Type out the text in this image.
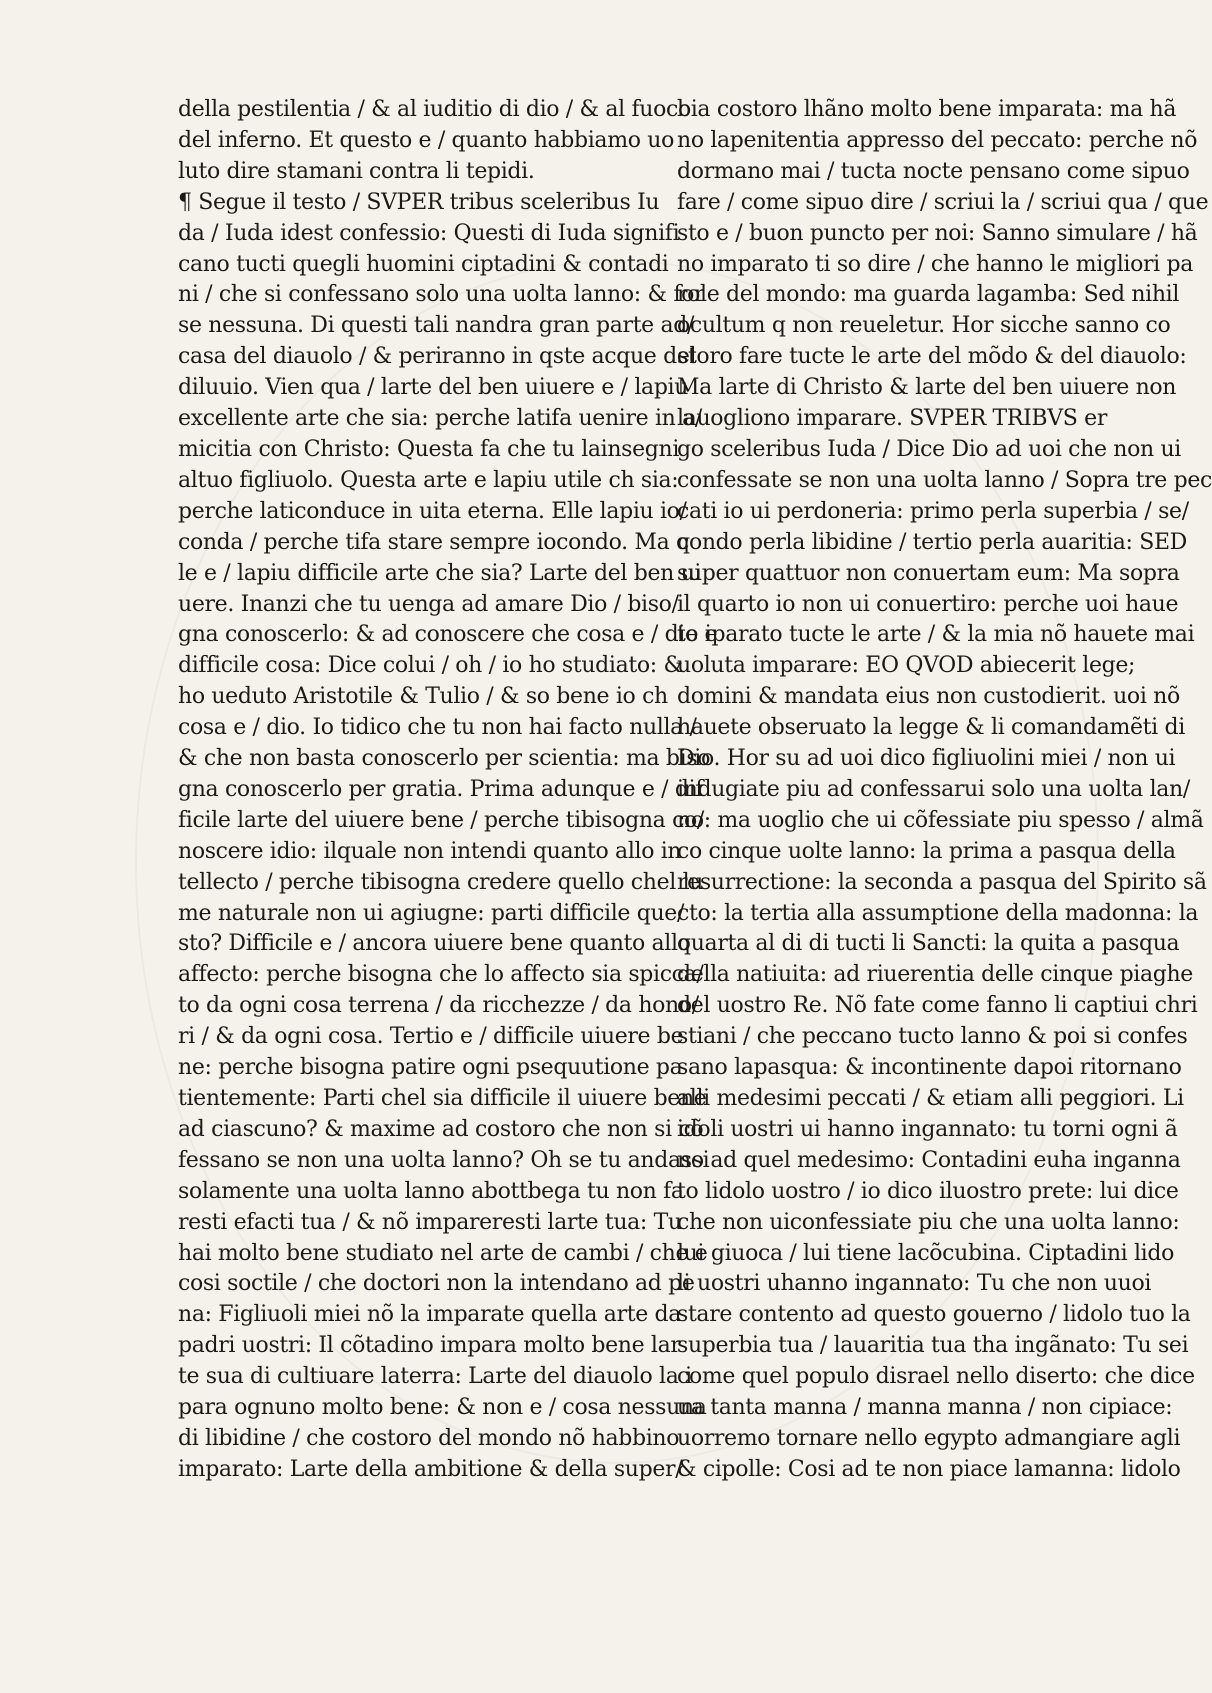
della pestilentia / & al iuditio di dio / & al fuoco
del inferno. Et questo e / quanto habbiamo uo
luto dire stamani contra li tepidi.
¶ Segue il testo / SVPER tribus sceleribus Iu
da / Iuda idest confessio: Questi di Iuda signifi
cano tucti quegli huomini ciptadini & contadi
ni / che si confessano solo una uolta lanno: & for
se nessuna. Di questi tali nandra gran parte ad/
casa del diauolo / & periranno in qste acque del
diluuio. Vien qua / larte del ben uiuere e / lapiu
excellente arte che sia: perche latifa uenire in a/
micitia con Christo: Questa fa che tu lainsegni
altuo figliuolo. Questa arte e lapiu utile ch sia:
perche laticonduce in uita eterna. Elle lapiu io/
conda / perche tifa stare sempre iocondo. Ma q
le e / lapiu difficile arte che sia? Larte del ben ui
uere. Inanzi che tu uenga ad amare Dio / biso/
gna conoscerlo: & ad conoscere che cosa e / dio e
difficile cosa: Dice colui / oh / io ho studiato: &
ho ueduto Aristotile & Tulio / & so bene io ch
cosa e / dio. Io tidico che tu non hai facto nulla /
& che non basta conoscerlo per scientia: ma biso
gna conoscerlo per gratia. Prima adunque e / dif
ficile larte del uiuere bene / perche tibisogna co/
noscere idio: ilquale non intendi quanto allo in
tellecto / perche tibisogna credere quello chel lu
me naturale non ui agiugne: parti difficile que/
sto? Difficile e / ancora uiuere bene quanto allo
affecto: perche bisogna che lo affecto sia spicca/
to da ogni cosa terrena / da ricchezze / da hono/
ri / & da ogni cosa. Tertio e / difficile uiuere be
ne: perche bisogna patire ogni psequutione pa
tientemente: Parti chel sia difficile il uiuere bene
ad ciascuno? & maxime ad costoro che non si cõ
fessano se non una uolta lanno? Oh se tu andassi
solamente una uolta lanno abottbega tu non fa
resti efacti tua / & nõ impareresti larte tua: Tu
hai molto bene studiato nel arte de cambi / che e
cosi soctile / che doctori non la intendano ad pe
na: Figliuoli miei nõ la imparate quella arte da
padri uostri: Il cõtadino impara molto bene lar
te sua di cultiuare laterra: Larte del diauolo la i
para ognuno molto bene: & non e / cosa nessuna
di libidine / che costoro del mondo nõ habbino
imparato: Larte della ambitione & della super/
bia costoro lhãno molto bene imparata: ma hã
no lapenitentia appresso del peccato: perche nõ
dormano mai / tucta nocte pensano come sipuo
fare / come sipuo dire / scriui la / scriui qua / que
sto e / buon puncto per noi: Sanno simulare / hã
no imparato ti so dire / che hanno le migliori pa
role del mondo: ma guarda lagamba: Sed nihil
ocultum q non reueletur. Hor sicche sanno co
storo fare tucte le arte del mõdo & del diauolo:
Ma larte di Christo & larte del ben uiuere non
lauogliono imparare. SVPER TRIBVS er
go sceleribus Iuda / Dice Dio ad uoi che non ui
confessate se non una uolta lanno / Sopra tre pec
cati io ui perdoneria: primo perla superbia / se/
condo perla libidine / tertio perla auaritia: SED
super quattuor non conuertam eum: Ma sopra
il quarto io non ui conuertiro: perche uoi haue
te iparato tucte le arte / & la mia nõ hauete mai
uoluta imparare: EO QVOD abiecerit lege;
domini & mandata eius non custodierit. uoi nõ
hauete obseruato la legge & li comandamẽti di
Dio. Hor su ad uoi dico figliuolini miei / non ui
indugiate piu ad confessarui solo una uolta lan/
no: ma uoglio che ui cõfessiate piu spesso / almã
co cinque uolte lanno: la prima a pasqua della
resurrectione: la seconda a pasqua del Spirito sã
cto: la tertia alla assumptione della madonna: la
quarta al di di tucti li Sancti: la quita a pasqua
della natiuita: ad riuerentia delle cinque piaghe
del uostro Re. Nõ fate come fanno li captiui chri
stiani / che peccano tucto lanno & poi si confes
sano lapasqua: & incontinente dapoi ritornano
alli medesimi peccati / & etiam alli peggiori. Li
idoli uostri ui hanno ingannato: tu torni ogni ã
no ad quel medesimo: Contadini euha inganna
to lidolo uostro / io dico iluostro prete: lui dice
che non uiconfessiate piu che una uolta lanno:
lui giuoca / lui tiene lacõcubina. Ciptadini lido
li uostri uhanno ingannato: Tu che non uuoi
stare contento ad questo gouerno / lidolo tuo la
superbia tua / lauaritia tua tha ingãnato: Tu sei
come quel populo disrael nello diserto: che dice
ua tanta manna / manna manna / non cipiace:
uorremo tornare nello egypto admangiare agli
& cipolle: Cosi ad te non piace lamanna: lidolo
